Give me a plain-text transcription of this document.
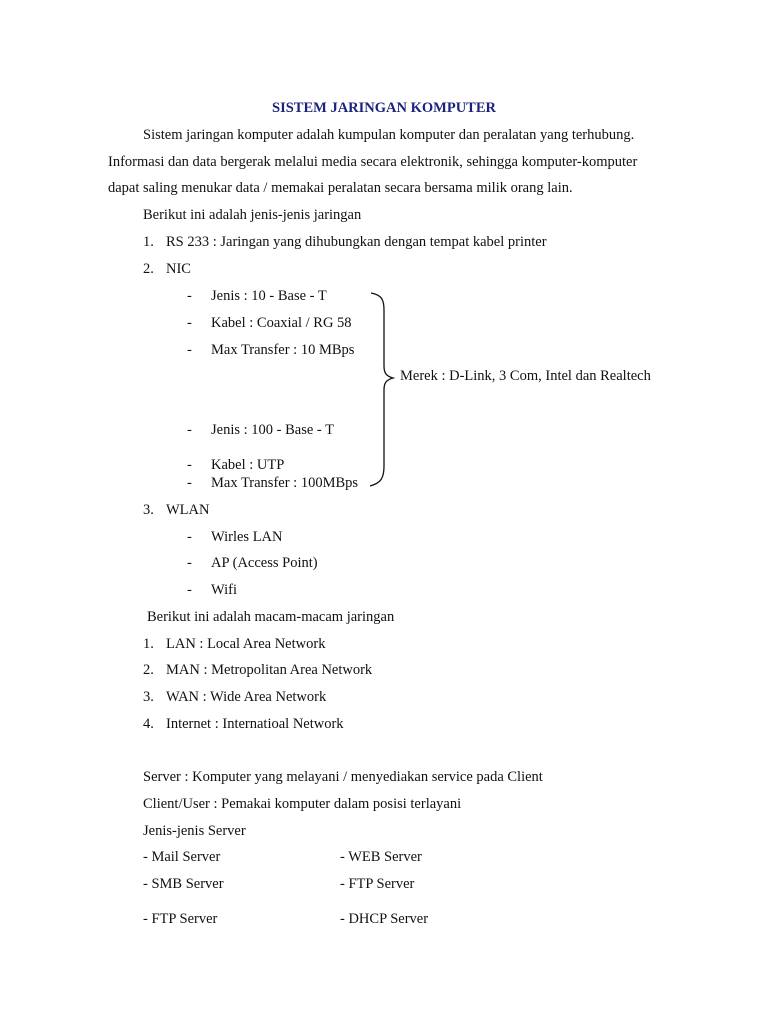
SISTEM JARINGAN KOMPUTER
Sistem jaringan komputer adalah kumpulan komputer dan peralatan yang terhubung.
Informasi dan data bergerak melalui media secara elektronik, sehingga komputer-komputer
dapat saling menukar data / memakai peralatan secara bersama milik orang lain.
Berikut ini adalah jenis-jenis jaringan
1. RS 233 : Jaringan yang dihubungkan dengan tempat kabel printer
2. NIC
-	Jenis : 10 - Base - T
-	Kabel : Coaxial / RG 58
-	Max Transfer : 10 MBps
-	Jenis : 100 - Base - T
-	Kabel : UTP
-	Max Transfer : 100MBps
Merek : D-Link, 3 Com, Intel dan Realtech
3. WLAN
-	Wirles LAN
-	AP (Access Point)
-	Wifi
Berikut ini adalah macam-macam jaringan
1. LAN : Local Area Network
2. MAN : Metropolitan Area Network
3. WAN : Wide Area Network
4. Internet : Internatioal Network
Server : Komputer yang melayani / menyediakan service pada Client
Client/User : Pemakai komputer dalam posisi terlayani
Jenis-jenis Server
- Mail Server	- WEB Server
- SMB Server	- FTP Server
- FTP Server	- DHCP Server
